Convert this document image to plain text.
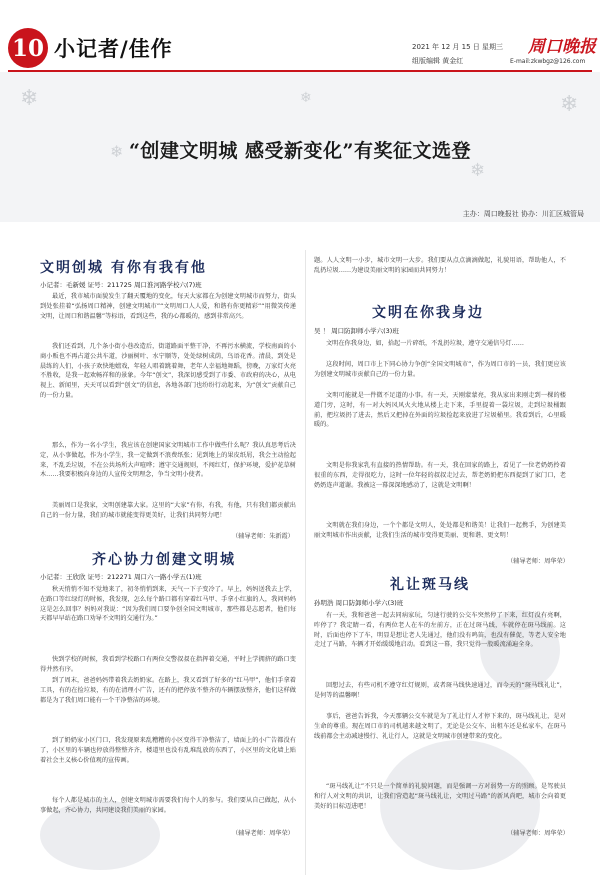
10 小记者/佳作	2021 年 12 月 15 日 星期三
组版编辑 黄金红
周口晚报
E-mail:zkwbgz@126.com
❄
❄
❄
❄
❄
“创建文明城 感受新变化”有奖征文选登
主办：周口晚报社 协办：川汇区城管局
文明创城 有你有我有他
小记者：毛新媛 证号：211725 周口淮河路学校六(7)班
最近，我市城市面貌发生了翻天覆地的变化，每天大家都在为创建文明城市而努力，街头到处张挂着“弘扬周口精神，创建文明城市”“文明周口人人爱，和谐有你更精彩”“用微笑传递文明，让周口和谐温馨”等标语，看到这些，我的心都暖的，感到非常高兴。
我们还看到，几个条小街小巷改造后，街道路面平整干净，不再污水横流，学校南面的小商小贩也不再占道公共车道，沙丽树叶、水宁顺等，处处绿树成荫，鸟语花香。清晨，到处是晨练的人们，小孩子欢快地嬉戏，年轻人唱着跳着舞，老年人幸福地舞蹈，傍晚，万家灯火亮不胜收，是我一起欢畅祥和的景象。今年“创文”，我深切感受到了市委、市政府的决心，从电视上、新闻里，天天可以看到“创文”的信息，各地各部门也纷纷行动起来，为“创文”贡献自己的一份力量。
那么，作为一名小学生，我应该在创建国家文明城市工作中做些什么呢？我认真思考后决定，从小事做起，作为小学生，我一定做到不浪费纸张；见到地上的果皮纸屑，我会主动捡起来，不乱丢垃圾，不在公共场所大声喧哗；遵守交通规则，不闯红灯，保护环境，爱护花草树木……我要积极向身边的人宣传文明理念，争当文明小使者。
美丽周口是我家，文明创建靠大家。这里的“大家”有你，有我，有他，只有我们都贡献出自己的一份力量，我们的城市就能变得更美好，让我们共同努力吧！
（辅导老师：朱新霞）
齐心协力创建文明城
小记者：王欣欣 证号：212271 周口六一路小学五(1)班
秋天悄悄不知不觉地来了，初冬悄悄到来，天气一下子变冷了。早上，妈妈送我去上学，在路口等红绿灯的时候，我发现，怎么每个路口都有穿着红马甲、手拿小红旗的人，我问妈妈这是怎么回事？妈妈对我说：“因为我们周口要争创全国文明城市，那些都是志愿者，他们每天都早早站在路口劝导不文明的交通行为。”
快到学校的时候，我看到学校路口有两位交警叔叔在指挥着交通，平时上学拥挤的路口变得井然有序。
到了周末，爸爸妈妈带着我去奶奶家。在路上，我又看到了好多的“红马甲”，他们手拿着工具，有的在捡垃圾，有的在清理小广告，还有的把停放不整齐的车辆摆放整齐，他们这样做都是为了我们周口能有一个干净整洁的环境。
到了奶奶家小区门口，我发现原来乱糟糟的小区变得干净整洁了，墙面上的小广告都没有了，小区里的车辆也停放得整整齐齐，楼道里也没有乱堆乱放的东西了，小区里的文化墙上贴着社会主义核心价值观的宣传画。
每个人都是城市的主人，创建文明城市需要我们每个人的参与。我们要从自己做起，从小事做起，齐心协力，共同建设我们美丽的家园。
（辅导老师：周华荣）
题。人人文明一小步，城市文明一大步。我们要从点点滴滴做起，礼貌用语，帮助他人，不乱扔垃圾……为建设美丽文明的家园而共同努力！
文明在你我身边
吴 ！ 周口防卸师小学六(3)班
文明在你我身边，如，拾起一片碎纸，不乱扔垃圾，遵守交通信号灯……
这段时间，周口市上下同心协力争创“全国文明城市”，作为周口市的一员，我们更应该为创建文明城市贡献自己的一份力量。
文明可能就是一件微不足道的小事。有一天，天刚蒙蒙亮，我从家出来刚走到一棵的楼道门旁，这时，有一对大妈风风火火地从楼上走下来，手里提着一袋垃圾，走到垃圾桶跟前，把垃圾扔了进去，然后又把掉在外面的垃圾捡起来放进了垃圾桶里。我看到后，心里暖暖的。
文明是你我家乳有直接的热情帮助。有一天，我在回家的路上，看见了一位老奶奶拎着很重的东西，走得很吃力，这时一位年轻的叔叔走过去，帮老奶奶把东西提到了家门口，老奶奶连声道谢。我被这一幕深深地感动了，这就是文明啊！
文明就在我们身边，一个个都是文明人，处处都是和谐美！让我们一起携手，为创建美丽文明城市作出贡献，让我们生活的城市变得更美丽、更和谐、更文明！
（辅导老师：周华荣）
礼让斑马线
孙明浩 周口防卸师小学六(3)班
有一天，我和爸爸一起去同病家玩，匀速行驶的公交车突然停了下来，红灯没有亮啊，咋停了？我定睛一看，有两位老人在车的左前方，正在过斑马线，车就停在斑马线前。这时，后面也停下了车，明显是想让老人先通过，他们没有鸣笛，也没有催促，等老人安全地走过了马路，车辆才开始缓缓地启动。看到这一幕，我只觉得一股暖流涌遍全身。
回想过去，有些司机不遵守红灯规则，或者斑马线快速通过，而今天的“斑马线礼让”，是何等的温馨啊！
事后，爸爸告诉我，今天那辆公交车就是为了礼让行人才停下来的，斑马线礼让，是对生命的尊重。现在周口市的司机越来越文明了，无论是公交车、出租车还是私家车，在斑马线前都会主动减速慢行、礼让行人，这就是文明城市创建带来的变化。
“斑马线礼让”不只是一个简单的礼貌问题，而是强调一方对弱势一方的照顾。是驾驶员和行人对文明的共识，让我们营造起“斑马线礼让，文明过马路”的新风尚吧，城市会向着更美好的目标迈进吧！
（辅导老师：周华荣）
